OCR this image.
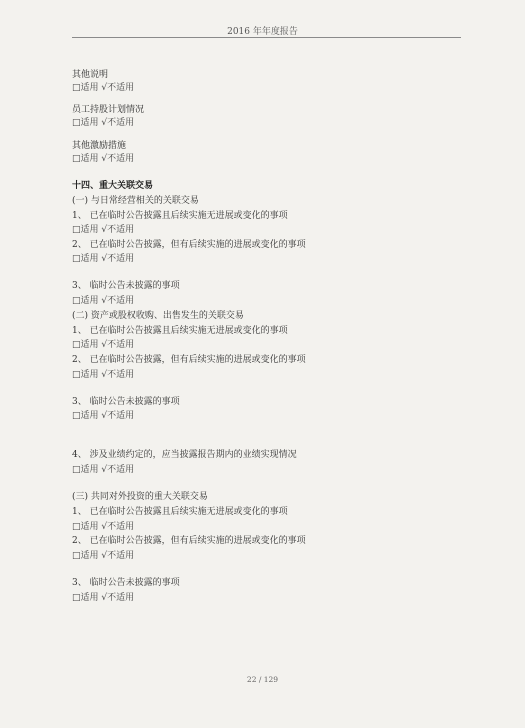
2016 年年度报告
其他说明
□适用 √不适用
员工持股计划情况
□适用 √不适用
其他激励措施
□适用 √不适用
十四、重大关联交易
(一) 与日常经营相关的关联交易
1、 已在临时公告披露且后续实施无进展或变化的事项
□适用 √不适用
2、 已在临时公告披露，但有后续实施的进展或变化的事项
□适用 √不适用
3、 临时公告未披露的事项
□适用 √不适用
(二) 资产或股权收购、出售发生的关联交易
1、 已在临时公告披露且后续实施无进展或变化的事项
□适用 √不适用
2、 已在临时公告披露，但有后续实施的进展或变化的事项
□适用 √不适用
3、 临时公告未披露的事项
□适用 √不适用
4、 涉及业绩约定的，应当披露报告期内的业绩实现情况
□适用 √不适用
(三) 共同对外投资的重大关联交易
1、 已在临时公告披露且后续实施无进展或变化的事项
□适用 √不适用
2、 已在临时公告披露，但有后续实施的进展或变化的事项
□适用 √不适用
3、 临时公告未披露的事项
□适用 √不适用
22 / 129
